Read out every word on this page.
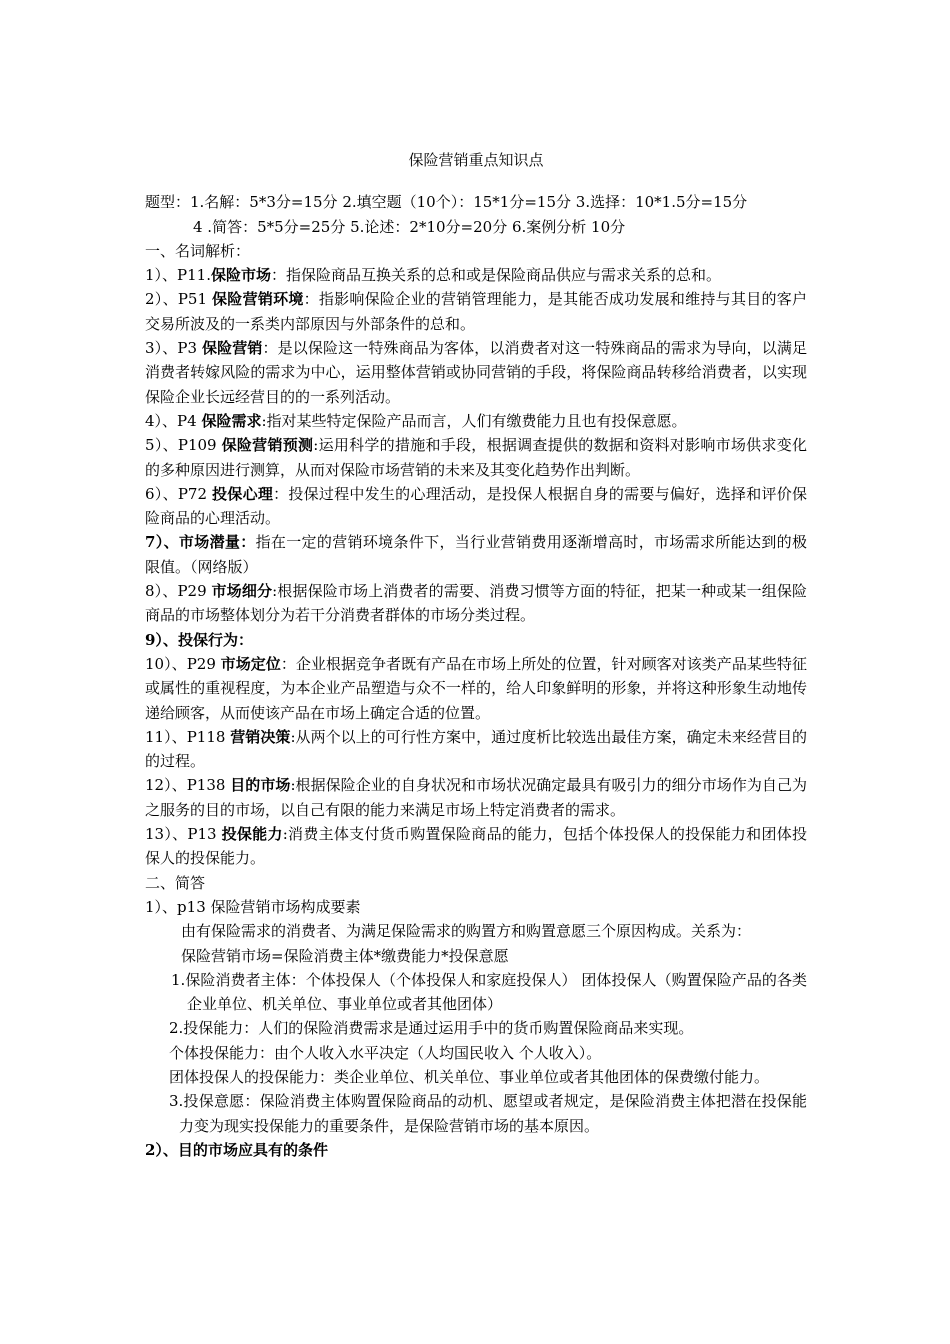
保险营销重点知识点

题型：1.名解：5*3分=15分 2.填空题（10个）：15*1分=15分 3.选择：10*1.5分=15分

4 .简答：5*5分=25分 5.论述：2*10分=20分 6.案例分析 10分

一、名词解析：

1）、P11.保险市场：指保险商品互换关系的总和或是保险商品供应与需求关系的总和。

2）、P51 保险营销环境：指影响保险企业的营销管理能力，是其能否成功发展和维持与其目的客户交易所波及的一系类内部原因与外部条件的总和。

3）、P3 保险营销：是以保险这一特殊商品为客体，以消费者对这一特殊商品的需求为导向，以满足消费者转嫁风险的需求为中心，运用整体营销或协同营销的手段，将保险商品转移给消费者，以实现保险企业长远经营目的的一系列活动。

4）、P4 保险需求:指对某些特定保险产品而言，人们有缴费能力且也有投保意愿。

5）、P109 保险营销预测:运用科学的措施和手段，根据调查提供的数据和资料对影响市场供求变化的多种原因进行测算，从而对保险市场营销的未来及其变化趋势作出判断。

6）、P72 投保心理：投保过程中发生的心理活动，是投保人根据自身的需要与偏好，选择和评价保险商品的心理活动。

7）、市场潜量：指在一定的营销环境条件下，当行业营销费用逐渐增高时，市场需求所能达到的极限值。（网络版）

8）、P29 市场细分:根据保险市场上消费者的需要、消费习惯等方面的特征，把某一种或某一组保险商品的市场整体划分为若干分消费者群体的市场分类过程。

9）、投保行为：

10）、P29 市场定位：企业根据竞争者既有产品在市场上所处的位置，针对顾客对该类产品某些特征或属性的重视程度，为本企业产品塑造与众不一样的，给人印象鲜明的形象，并将这种形象生动地传递给顾客，从而使该产品在市场上确定合适的位置。

11）、P118 营销决策:从两个以上的可行性方案中，通过度析比较选出最佳方案，确定未来经营目的的过程。

12）、P138 目的市场:根据保险企业的自身状况和市场状况确定最具有吸引力的细分市场作为自己为之服务的目的市场，以自己有限的能力来满足市场上特定消费者的需求。

13）、P13 投保能力:消费主体支付货币购置保险商品的能力，包括个体投保人的投保能力和团体投保人的投保能力。

二、简答

1）、p13 保险营销市场构成要素

由有保险需求的消费者、为满足保险需求的购置方和购置意愿三个原因构成。关系为：

保险营销市场=保险消费主体*缴费能力*投保意愿

1.保险消费者主体：个体投保人（个体投保人和家庭投保人） 团体投保人（购置保险产品的各类企业单位、机关单位、事业单位或者其他团体）

2.投保能力：人们的保险消费需求是通过运用手中的货币购置保险商品来实现。

个体投保能力：由个人收入水平决定（人均国民收入 个人收入）。

团体投保人的投保能力：类企业单位、机关单位、事业单位或者其他团体的保费缴付能力。

3.投保意愿：保险消费主体购置保险商品的动机、愿望或者规定，是保险消费主体把潜在投保能力变为现实投保能力的重要条件，是保险营销市场的基本原因。

2）、目的市场应具有的条件
